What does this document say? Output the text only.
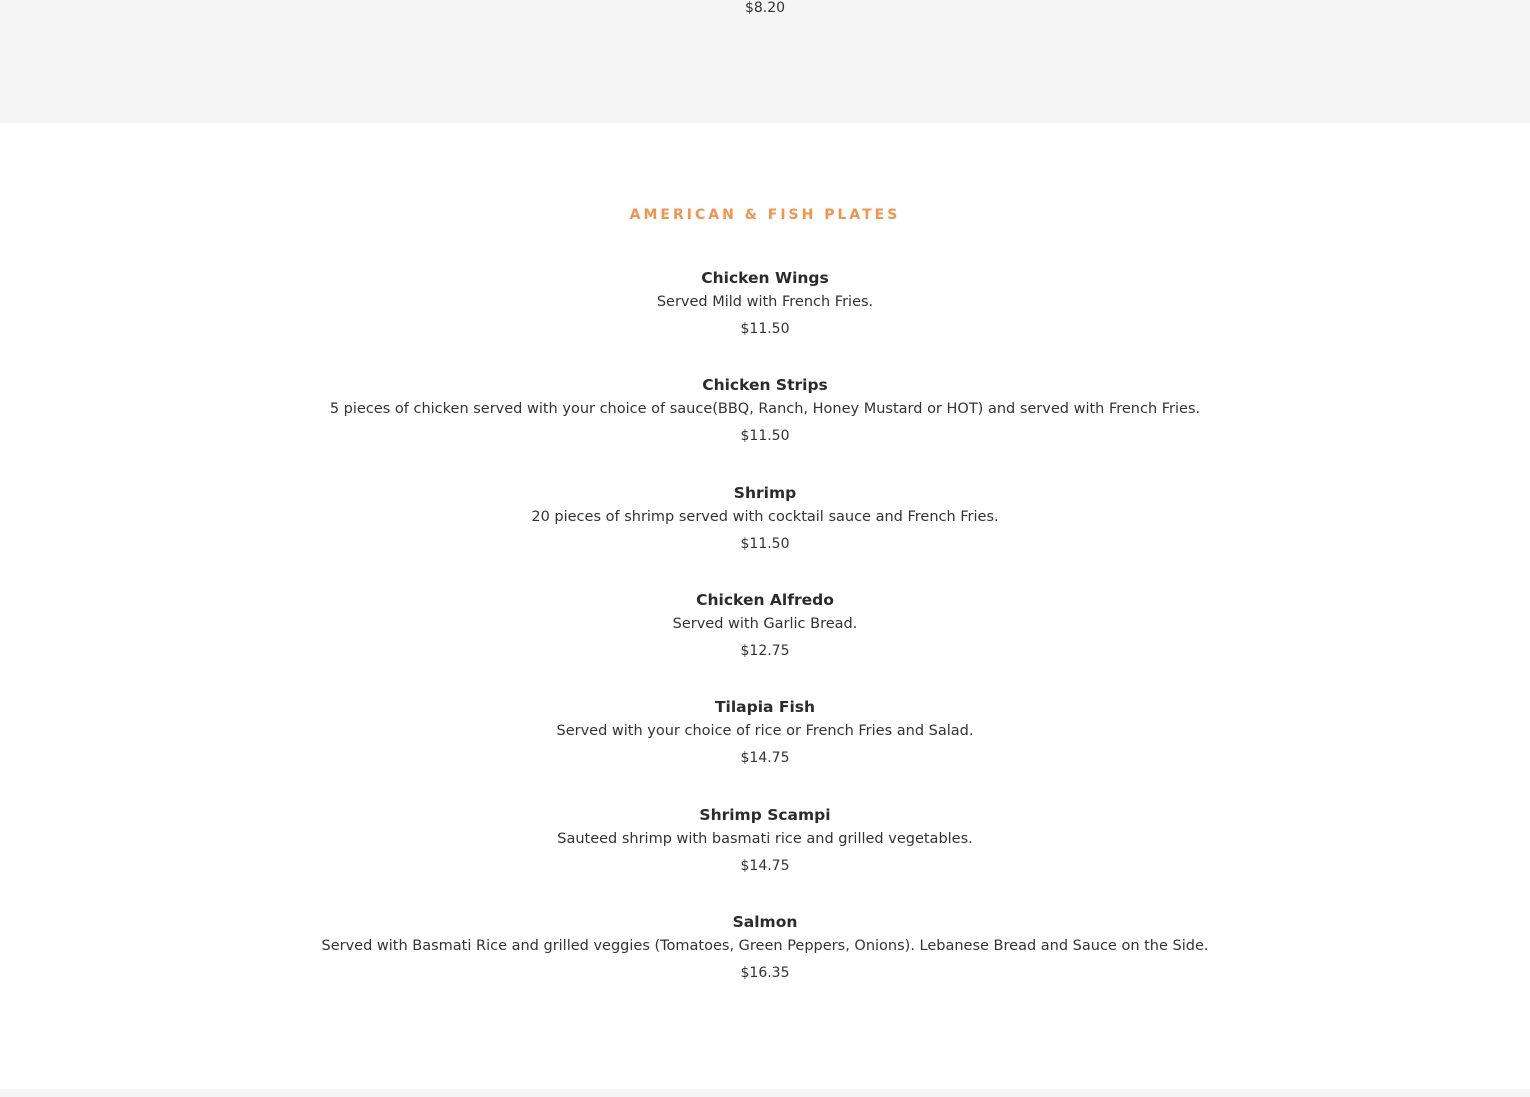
$8.20
AMERICAN & FISH PLATES
Chicken Wings
Served Mild with French Fries.
$11.50
Chicken Strips
5 pieces of chicken served with your choice of sauce(BBQ, Ranch, Honey Mustard or HOT) and served with French Fries.
$11.50
Shrimp
20 pieces of shrimp served with cocktail sauce and French Fries.
$11.50
Chicken Alfredo
Served with Garlic Bread.
$12.75
Tilapia Fish
Served with your choice of rice or French Fries and Salad.
$14.75
Shrimp Scampi
Sauteed shrimp with basmati rice and grilled vegetables.
$14.75
Salmon
Served with Basmati Rice and grilled veggies (Tomatoes, Green Peppers, Onions). Lebanese Bread and Sauce on the Side.
$16.35
